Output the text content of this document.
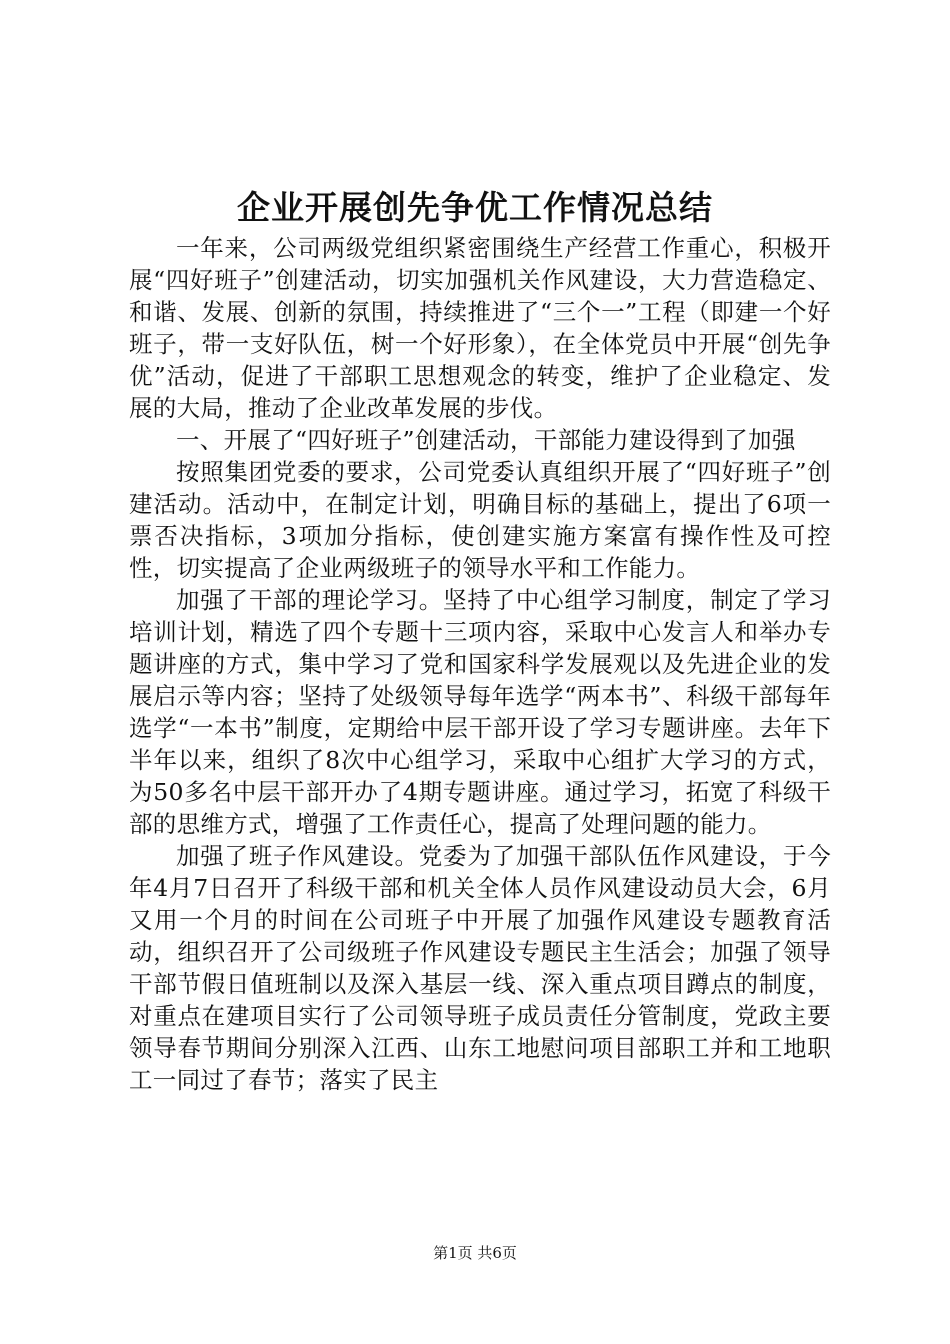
企业开展创先争优工作情况总结

一年来，公司两级党组织紧密围绕生产经营工作重心，积极开展“四好班子”创建活动，切实加强机关作风建设，大力营造稳定、和谐、发展、创新的氛围，持续推进了“三个一”工程（即建一个好班子，带一支好队伍，树一个好形象），在全体党员中开展“创先争优”活动，促进了干部职工思想观念的转变，维护了企业稳定、发展的大局，推动了企业改革发展的步伐。

一、开展了“四好班子”创建活动，干部能力建设得到了加强

按照集团党委的要求，公司党委认真组织开展了“四好班子”创建活动。活动中，在制定计划，明确目标的基础上，提出了6项一票否决指标，3项加分指标，使创建实施方案富有操作性及可控性，切实提高了企业两级班子的领导水平和工作能力。

加强了干部的理论学习。坚持了中心组学习制度，制定了学习培训计划，精选了四个专题十三项内容，采取中心发言人和举办专题讲座的方式，集中学习了党和国家科学发展观以及先进企业的发展启示等内容；坚持了处级领导每年选学“两本书”、科级干部每年选学“一本书”制度，定期给中层干部开设了学习专题讲座。去年下半年以来，组织了8次中心组学习，采取中心组扩大学习的方式，为50多名中层干部开办了4期专题讲座。通过学习，拓宽了科级干部的思维方式，增强了工作责任心，提高了处理问题的能力。

加强了班子作风建设。党委为了加强干部队伍作风建设，于今年4月7日召开了科级干部和机关全体人员作风建设动员大会，6月又用一个月的时间在公司班子中开展了加强作风建设专题教育活动，组织召开了公司级班子作风建设专题民主生活会；加强了领导干部节假日值班制以及深入基层一线、深入重点项目蹲点的制度，对重点在建项目实行了公司领导班子成员责任分管制度，党政主要领导春节期间分别深入江西、山东工地慰问项目部职工并和工地职工一同过了春节；落实了民主

第1页 共6页
